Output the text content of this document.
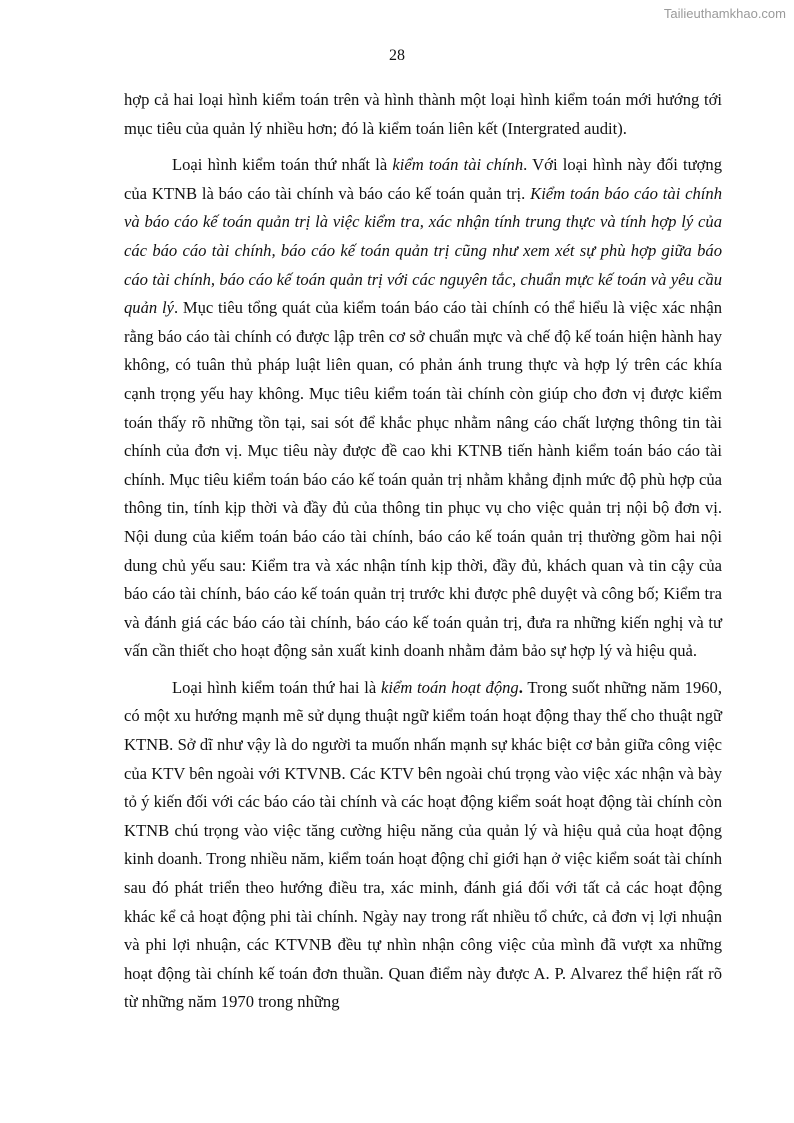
Tailieuthamkhao.com
28

hợp cả hai loại hình kiểm toán trên và hình thành một loại hình kiểm toán mới hướng tới mục tiêu của quản lý nhiều hơn; đó là kiểm toán liên kết (Intergrated audit).

Loại hình kiểm toán thứ nhất là kiểm toán tài chính. Với loại hình này đối tượng của KTNB là báo cáo tài chính và báo cáo kế toán quản trị. Kiểm toán báo cáo tài chính và báo cáo kế toán quản trị là việc kiểm tra, xác nhận tính trung thực và tính hợp lý của các báo cáo tài chính, báo cáo kế toán quản trị cũng như xem xét sự phù hợp giữa báo cáo tài chính, báo cáo kế toán quản trị với các nguyên tắc, chuẩn mực kế toán và yêu cầu quản lý. Mục tiêu tổng quát của kiểm toán báo cáo tài chính có thể hiểu là việc xác nhận rằng báo cáo tài chính có được lập trên cơ sở chuẩn mực và chế độ kế toán hiện hành hay không, có tuân thủ pháp luật liên quan, có phản ánh trung thực và hợp lý trên các khía cạnh trọng yếu hay không. Mục tiêu kiểm toán tài chính còn giúp cho đơn vị được kiểm toán thấy rõ những tồn tại, sai sót để khắc phục nhằm nâng cáo chất lượng thông tin tài chính của đơn vị. Mục tiêu này được đề cao khi KTNB tiến hành kiểm toán báo cáo tài chính. Mục tiêu kiểm toán báo cáo kế toán quản trị nhằm khẳng định mức độ phù hợp của thông tin, tính kịp thời và đầy đủ của thông tin phục vụ cho việc quản trị nội bộ đơn vị. Nội dung của kiểm toán báo cáo tài chính, báo cáo kế toán quản trị thường gồm hai nội dung chủ yếu sau: Kiểm tra và xác nhận tính kịp thời, đầy đủ, khách quan và tin cậy của báo cáo tài chính, báo cáo kế toán quản trị trước khi được phê duyệt và công bố; Kiểm tra và đánh giá các báo cáo tài chính, báo cáo kế toán quản trị, đưa ra những kiến nghị và tư vấn cần thiết cho hoạt động sản xuất kinh doanh nhằm đảm bảo sự hợp lý và hiệu quả.

Loại hình kiểm toán thứ hai là kiểm toán hoạt động. Trong suốt những năm 1960, có một xu hướng mạnh mẽ sử dụng thuật ngữ kiểm toán hoạt động thay thế cho thuật ngữ KTNB. Sở dĩ như vậy là do người ta muốn nhấn mạnh sự khác biệt cơ bản giữa công việc của KTV bên ngoài với KTVNB. Các KTV bên ngoài chú trọng vào việc xác nhận và bày tỏ ý kiến đối với các báo cáo tài chính và các hoạt động kiểm soát hoạt động tài chính còn KTNB chú trọng vào việc tăng cường hiệu năng của quản lý và hiệu quả của hoạt động kinh doanh. Trong nhiều năm, kiểm toán hoạt động chỉ giới hạn ở việc kiểm soát tài chính sau đó phát triển theo hướng điều tra, xác minh, đánh giá đối với tất cả các hoạt động khác kể cả hoạt động phi tài chính. Ngày nay trong rất nhiều tổ chức, cả đơn vị lợi nhuận và phi lợi nhuận, các KTVNB đều tự nhìn nhận công việc của mình đã vượt xa những hoạt động tài chính kế toán đơn thuần. Quan điểm này được A. P. Alvarez thể hiện rất rõ từ những năm 1970 trong những
